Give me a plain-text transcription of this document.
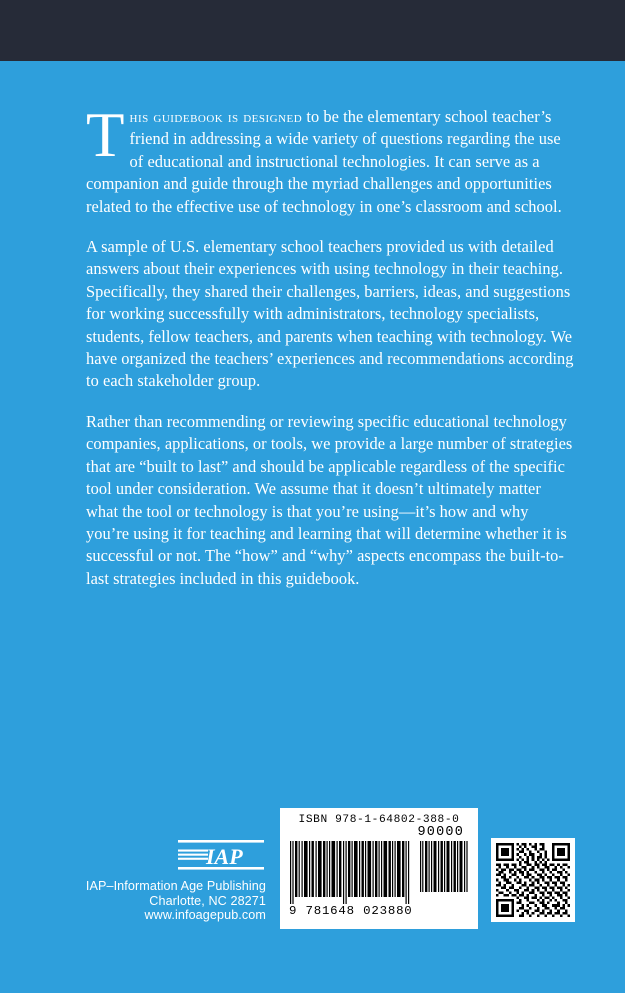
This guidebook is designed to be the elementary school teacher’s friend in addressing a wide variety of questions regarding the use of educational and instructional technologies. It can serve as a companion and guide through the myriad challenges and opportunities related to the effective use of technology in one’s classroom and school.

A sample of U.S. elementary school teachers provided us with detailed answers about their experiences with using technology in their teaching. Specifically, they shared their challenges, barriers, ideas, and suggestions for working successfully with administrators, technology specialists, students, fellow teachers, and parents when teaching with technology. We have organized the teachers’ experiences and recommendations according to each stakeholder group.

Rather than recommending or reviewing specific educational technology companies, applications, or tools, we provide a large number of strategies that are “built to last” and should be applicable regardless of the specific tool under consideration. We assume that it doesn’t ultimately matter what the tool or technology is that you’re using—it’s how and why you’re using it for teaching and learning that will determine whether it is successful or not. The “how” and “why” aspects encompass the built-to-last strategies included in this guidebook.

IAP
IAP–Information Age Publishing
Charlotte, NC 28271
www.infoagepub.com
ISBN 978-1-64802-388-0
90000
9 781648 023880
